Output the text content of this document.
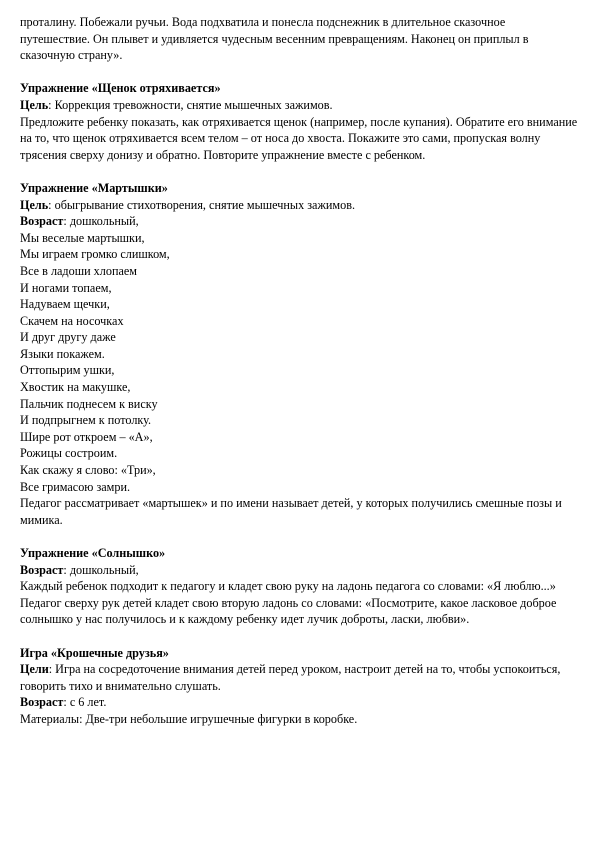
проталину. Побежали ручьи. Вода подхватила и понесла подснежник в длительное сказочное путешествие. Он плывет и удивляется чудесным весенним превращениям. Наконец он приплыл в сказочную страну».

Упражнение «Щенок отряхивается»

Цель: Коррекция тревожности, снятие мышечных зажимов.

Предложите ребенку показать, как отряхивается щенок (например, после купания). Обратите его внимание на то, что щенок отряхивается всем телом – от носа до хвоста. Покажите это сами, пропуская волну трясения сверху донизу и обратно. Повторите упражнение вместе с ребенком.

Упражнение «Мартышки»

Цель: обыгрывание стихотворения, снятие мышечных зажимов.

Возраст: дошкольный,

Мы веселые мартышки,

Мы играем громко слишком,

Все в ладоши хлопаем

И ногами топаем,

Надуваем щечки,

Скачем на носочках

И друг другу даже

Языки покажем.

Оттопырим ушки,

Хвостик на макушке,

Пальчик поднесем к виску

И подпрыгнем к потолку.

Шире рот откроем – «А»,

Рожицы состроим.

Как скажу я слово: «Три»,

Все гримасою замри.

Педагог рассматривает «мартышек» и по имени называет детей, у которых получились смешные позы и мимика.

Упражнение «Солнышко»

Возраст: дошкольный,

Каждый ребенок подходит к педагогу и кладет свою руку на ладонь педагога со словами: «Я люблю...»

Педагог сверху рук детей кладет свою вторую ладонь со словами: «Посмотрите, какое ласковое доброе солнышко у нас получилось и к каждому ребенку идет лучик доброты, ласки, любви».

Игра «Крошечные друзья»

Цели: Игра на сосредоточение внимания детей перед уроком, настроит детей на то, чтобы успокоиться, говорить тихо и внимательно слушать.

Возраст: с 6 лет.

Материалы: Две-три небольшие игрушечные фигурки в коробке.
